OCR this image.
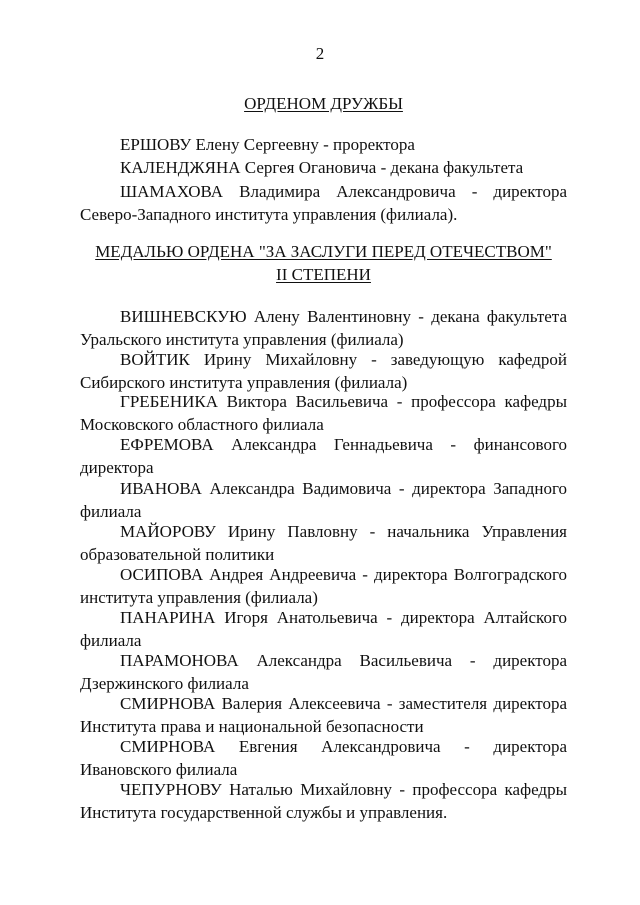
2
ОРДЕНОМ ДРУЖБЫ

ЕРШОВУ Елену Сергеевну - проректора

КАЛЕНДЖЯНА Сергея Огановича - декана факультета

ШАМАХОВА Владимира Александровича - директора Северо-Западного института управления (филиала).

МЕДАЛЬЮ ОРДЕНА "ЗА ЗАСЛУГИ ПЕРЕД ОТЕЧЕСТВОМ"
II СТЕПЕНИ

ВИШНЕВСКУЮ Алену Валентиновну - декана факультета Уральского института управления (филиала)

ВОЙТИК Ирину Михайловну - заведующую кафедрой Сибирского института управления (филиала)

ГРЕБЕНИКА Виктора Васильевича - профессора кафедры Московского областного филиала

ЕФРЕМОВА Александра Геннадьевича - финансового директора

ИВАНОВА Александра Вадимовича - директора Западного филиала

МАЙОРОВУ Ирину Павловну - начальника Управления образовательной политики

ОСИПОВА Андрея Андреевича - директора Волгоградского института управления (филиала)

ПАНАРИНА Игоря Анатольевича - директора Алтайского филиала

ПАРАМОНОВА Александра Васильевича - директора Дзержинского филиала

СМИРНОВА Валерия Алексеевича - заместителя директора Института права и национальной безопасности

СМИРНОВА Евгения Александровича - директора Ивановского филиала

ЧЕПУРНОВУ Наталью Михайловну - профессора кафедры Института государственной службы и управления.
